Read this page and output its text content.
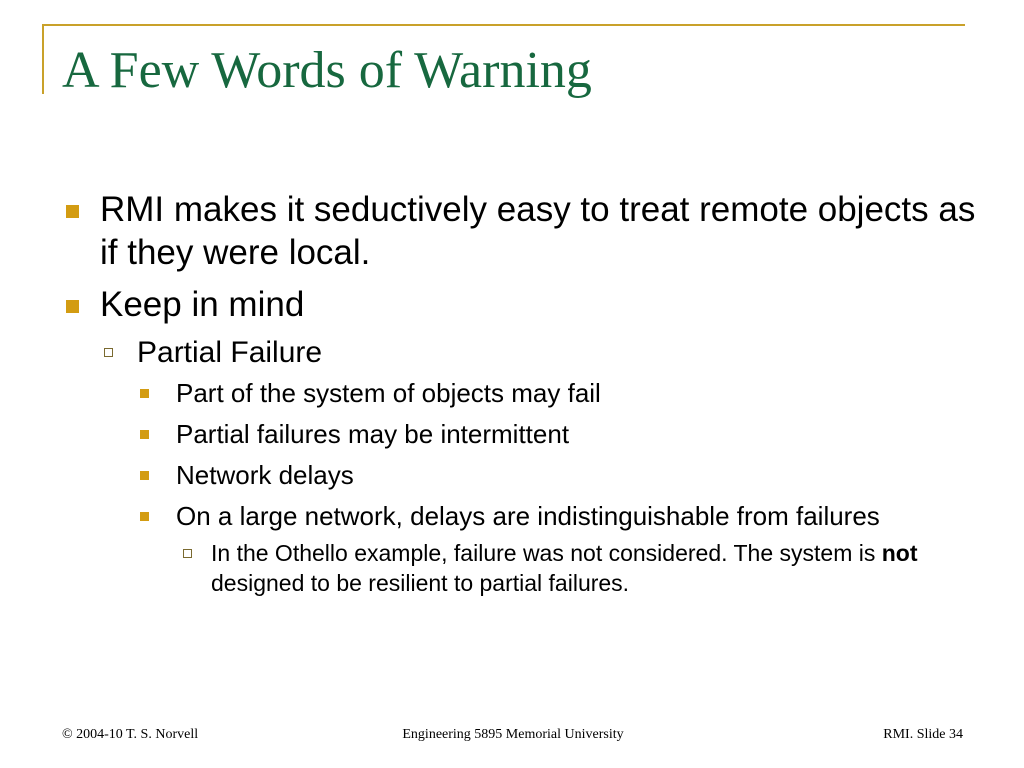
A Few Words of Warning
RMI makes it seductively easy to treat remote objects as if they were local.
Keep in mind
Partial Failure
Part of the system of objects may fail
Partial failures may be intermittent
Network delays
On a large network, delays are indistinguishable from failures
In the Othello example, failure was not considered. The system is not designed to be resilient to partial failures.
© 2004-10 T. S. Norvell	Engineering 5895 Memorial University	RMI. Slide 34
